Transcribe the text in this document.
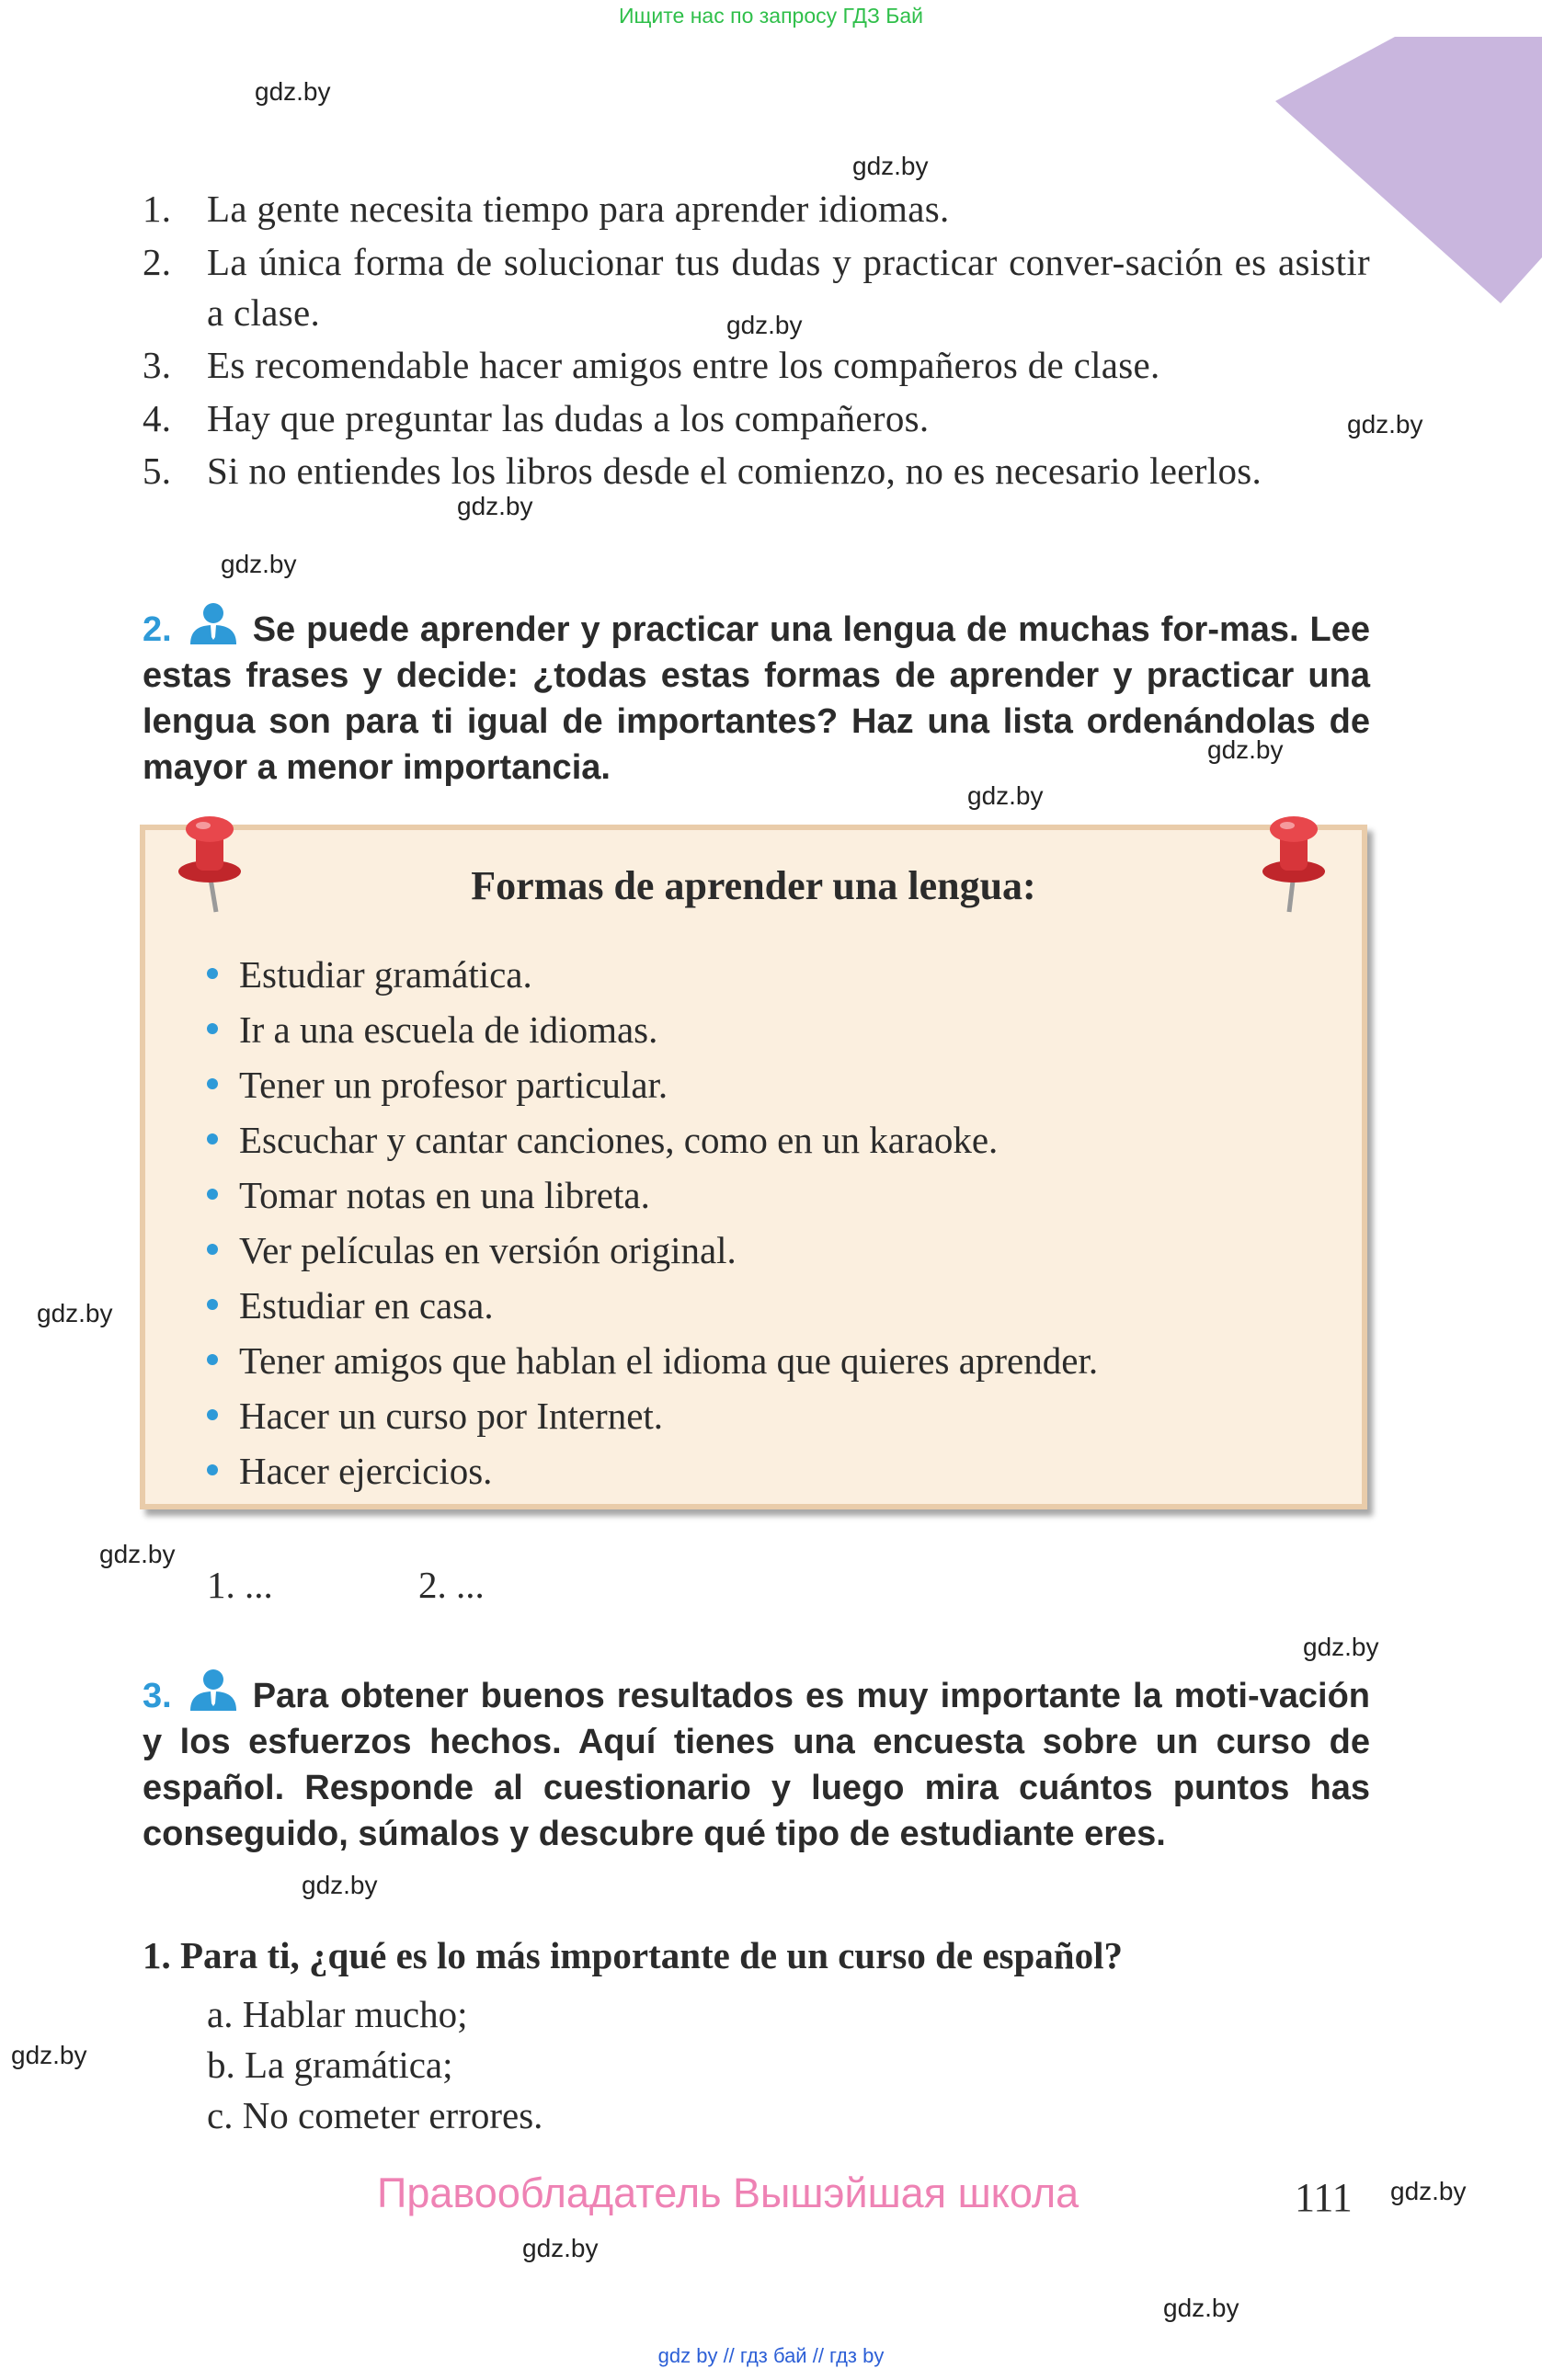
Ищите нас по запросу ГДЗ Бай
gdz.by
gdz.by
gdz.by
gdz.by
gdz.by
gdz.by
gdz.by
gdz.by
gdz.by
gdz.by
gdz.by
gdz.by
gdz.by
gdz.by
gdz.by
gdz.by
1. La gente necesita tiempo para aprender idiomas.
2. La única forma de solucionar tus dudas y practicar conver-sación es asistir a clase.
3. Es recomendable hacer amigos entre los compañeros de clase.
4. Hay que preguntar las dudas a los compañeros.
5. Si no entiendes los libros desde el comienzo, no es necesario leerlos.
2. Se puede aprender y practicar una lengua de muchas for-mas. Lee estas frases y decide: ¿todas estas formas de aprender y practicar una lengua son para ti igual de importantes? Haz una lista ordenándolas de mayor a menor importancia.
Formas de aprender una lengua:
Estudiar gramática.
Ir a una escuela de idiomas.
Tener un profesor particular.
Escuchar y cantar canciones, como en un karaoke.
Tomar notas en una libreta.
Ver películas en versión original.
Estudiar en casa.
Tener amigos que hablan el idioma que quieres aprender.
Hacer un curso por Internet.
Hacer ejercicios.
1. ...	2. ...
3. Para obtener buenos resultados es muy importante la moti-vación y los esfuerzos hechos. Aquí tienes una encuesta sobre un curso de español. Responde al cuestionario y luego mira cuántos puntos has conseguido, súmalos y descubre qué tipo de estudiante eres.
1. Para ti, ¿qué es lo más importante de un curso de español?
a. Hablar mucho;
b. La gramática;
c. No cometer errores.
Правообладатель Вышэйшая школа	111
gdz by // гдз бай // гдз by
